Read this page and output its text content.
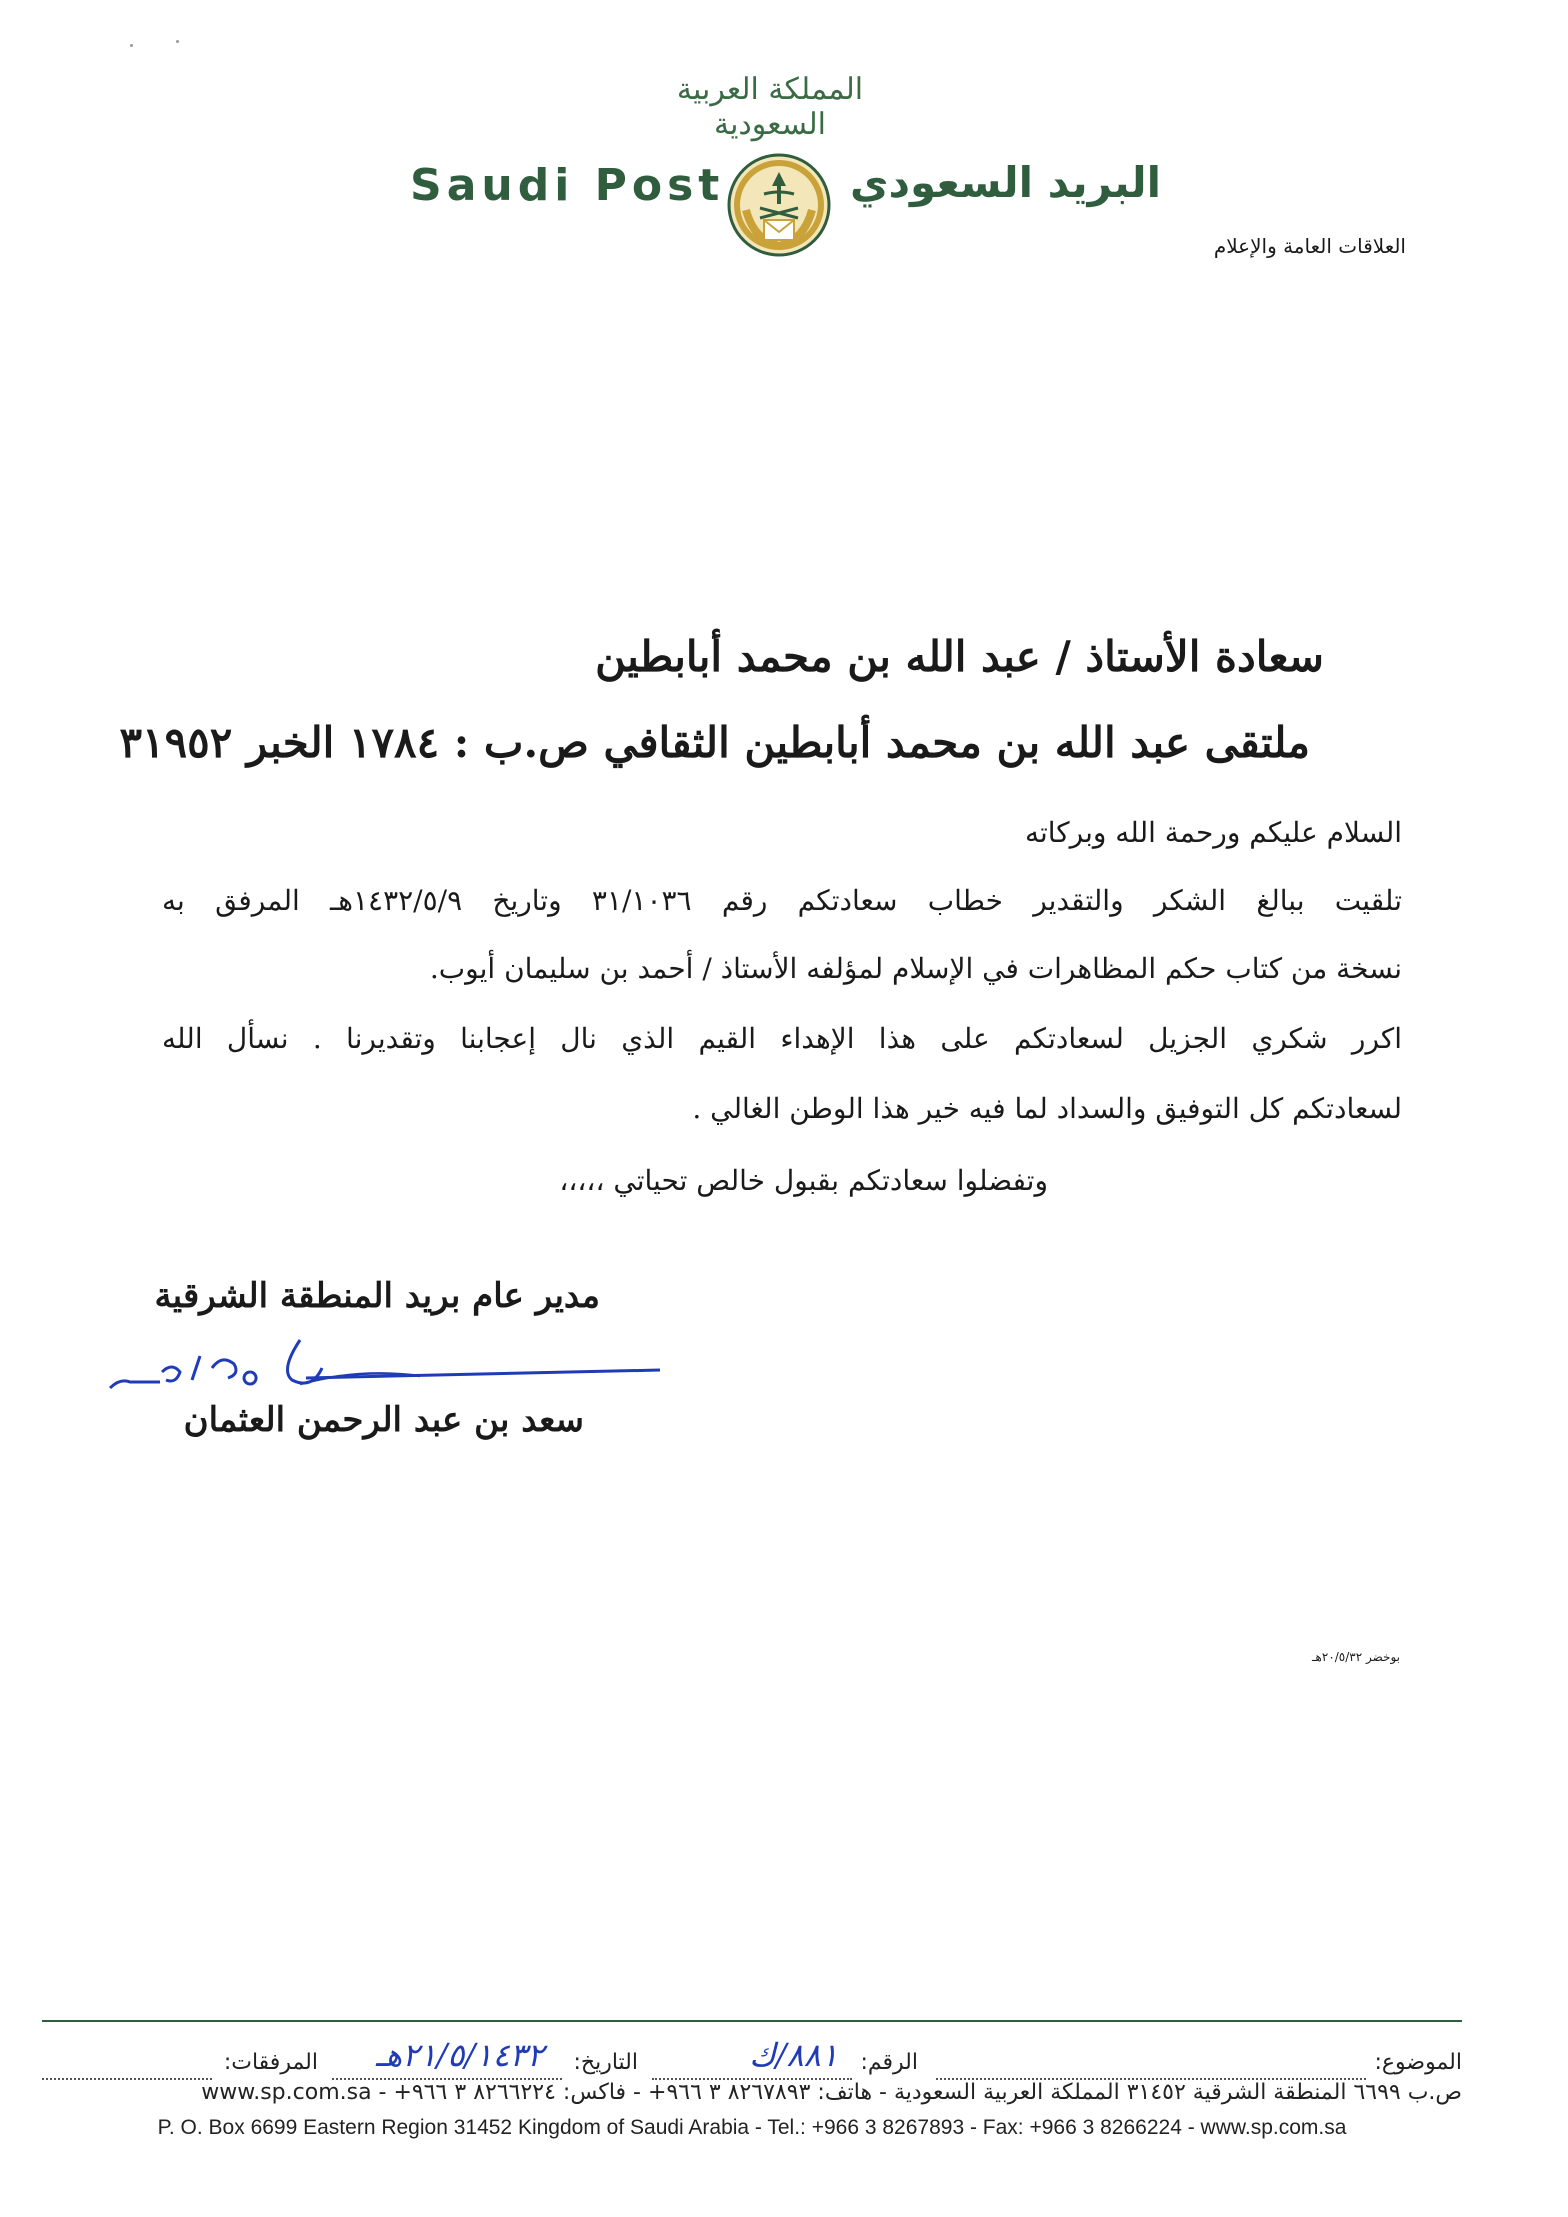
المملكة العربية السعودية
Saudi Post	البريد السعودي
العلاقات العامة والإعلام
سعادة الأستاذ / عبد الله بن محمد أبابطين
ملتقى عبد الله بن محمد أبابطين الثقافي ص.ب : ١٧٨٤ الخبر ٣١٩٥٢
السلام عليكم ورحمة الله وبركاته
تلقيت ببالغ الشكر والتقدير خطاب سعادتكم رقم ٣١/١٠٣٦ وتاريخ ١٤٣٢/٥/٩هـ المرفق به
نسخة من كتاب حكم المظاهرات في الإسلام لمؤلفه الأستاذ / أحمد بن سليمان أيوب.
اكرر شكري الجزيل لسعادتكم على هذا الإهداء القيم الذي نال إعجابنا وتقديرنا . نسأل الله
لسعادتكم كل التوفيق والسداد لما فيه خير هذا الوطن الغالي .
وتفضلوا سعادتكم بقبول خالص تحياتي ،،،،،
مدير عام بريد المنطقة الشرقية
٢٠/٥هـ
سعد بن عبد الرحمن العثمان
بوخضر ٢٠/٥/٣٢هـ
الموضوع:
الرقم:
٨٨١/ك
التاريخ:
٢١/٥/١٤٣٢هـ
المرفقات:
ص.ب ٦٦٩٩ المنطقة الشرقية ٣١٤٥٢ المملكة العربية السعودية - هاتف: ٨٢٦٧٨٩٣ ٣ ٩٦٦+ - فاكس: ٨٢٦٦٢٢٤ ٣ ٩٦٦+ - www.sp.com.sa
P. O. Box 6699 Eastern Region 31452 Kingdom of Saudi Arabia - Tel.: +966 3 8267893 - Fax: +966 3 8266224 - www.sp.com.sa
